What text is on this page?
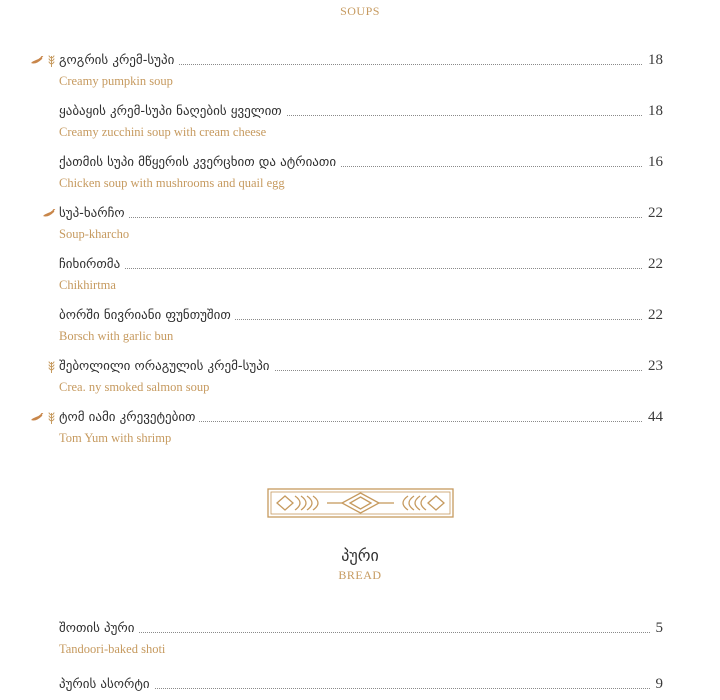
SOUPS
გოგრის კრემ-სუპი	18
Creamy pumpkin soup
ყაბაყის კრემ-სუპი ნაღების ყველით	18
Creamy zucchini soup with cream cheese
ქათმის სუპი მწყერის კვერცხით და ატრიათი	16
Chicken soup with mushrooms and quail egg
სუპ-ხარჩო	22
Soup-kharcho
ჩიხირთმა	22
Chikhirtma
ბორში ნივრიანი ფუნთუშით	22
Borsch with garlic bun
შებოლილი ორაგულის კრემ-სუპი	23
Crea. ny smoked salmon soup
ტომ იამი კრევეტებით	44
Tom Yum with shrimp
პური
BREAD
შოთის პური	5
Tandoori-baked shoti
პურის ასორტი	9
